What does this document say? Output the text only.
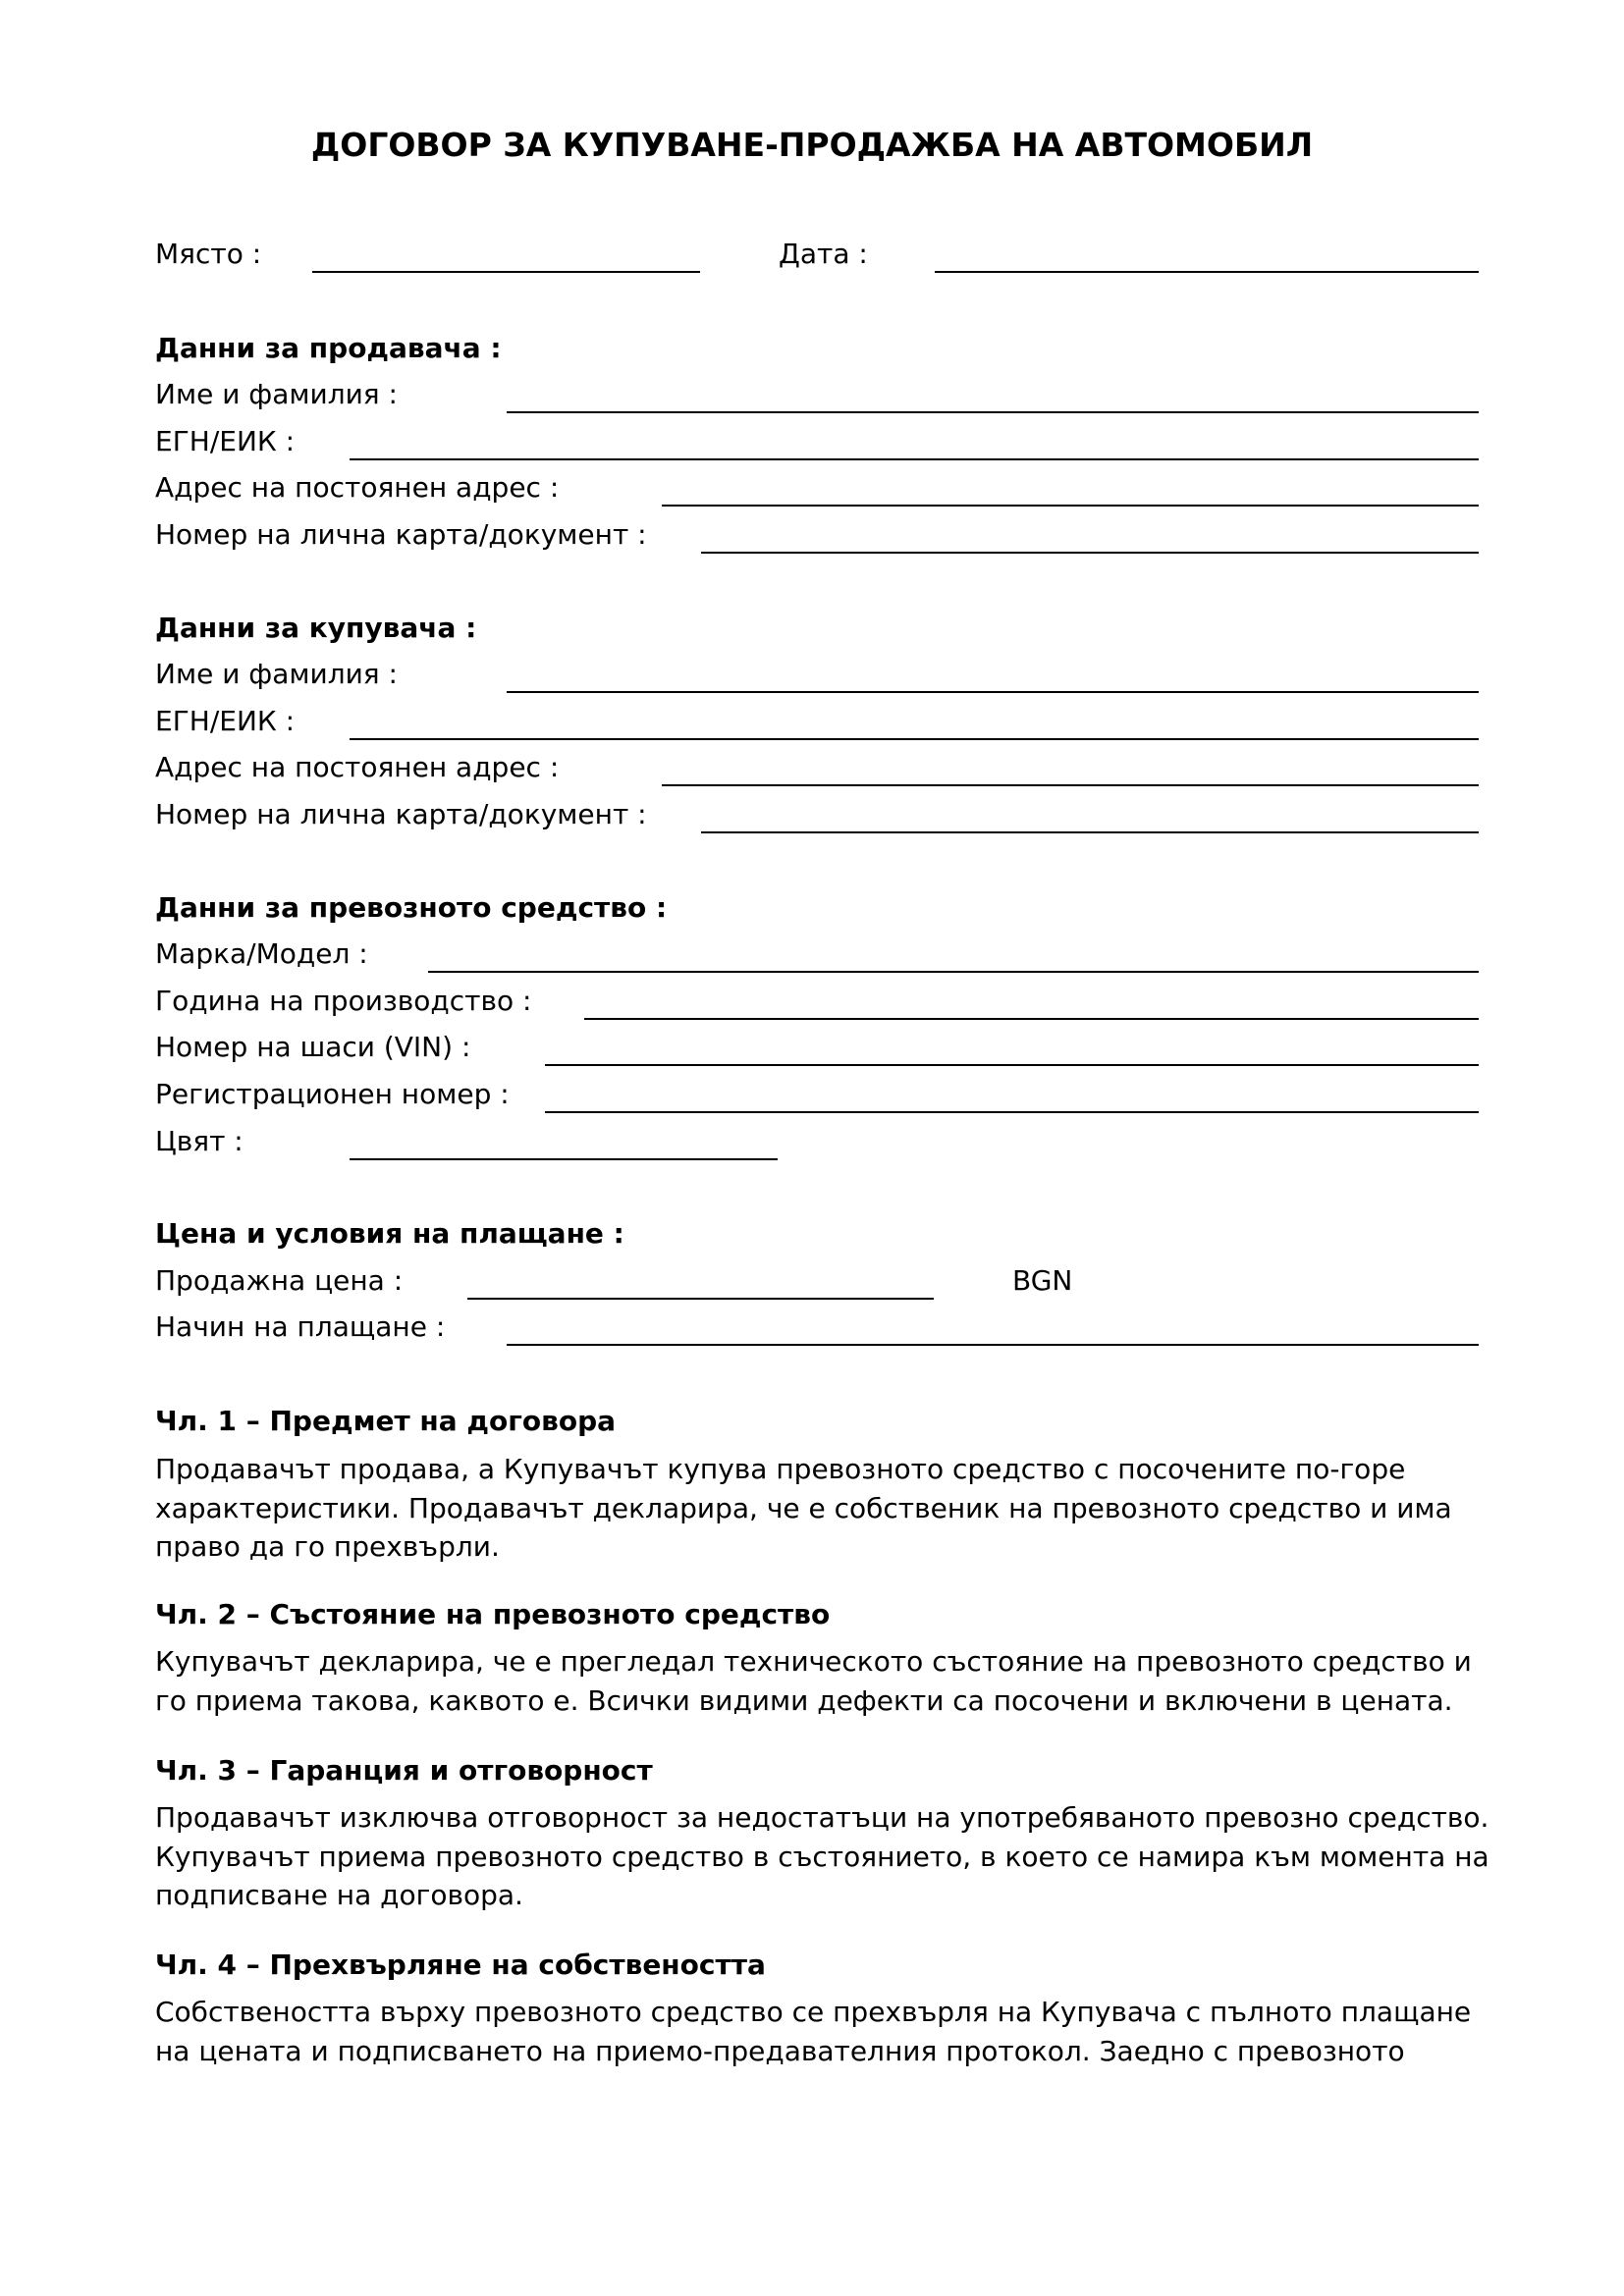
ДОГОВОР ЗА КУПУВАНЕ-ПРОДАЖБА НА АВТОМОБИЛ
Място :	Дата :
Данни за продавача :
Име и фамилия :
ЕГН/ЕИК :
Адрес на постоянен адрес :
Номер на лична карта/документ :
Данни за купувача :
Име и фамилия :
ЕГН/ЕИК :
Адрес на постоянен адрес :
Номер на лична карта/документ :
Данни за превозното средство :
Марка/Модел :
Година на производство :
Номер на шаси (VIN) :
Регистрационен номер :
Цвят :
Цена и условия на плащане :
Продажна цена :	BGN
Начин на плащане :
Чл. 1 – Предмет на договора

Продавачът продава, а Купувачът купува превозното средство с посочените по-горе характеристики. Продавачът декларира, че е собственик на превозното средство и има право да го прехвърли.

Чл. 2 – Състояние на превозното средство

Купувачът декларира, че е прегледал техническото състояние на превозното средство и го приема такова, каквото е. Всички видими дефекти са посочени и включени в цената.

Чл. 3 – Гаранция и отговорност

Продавачът изключва отговорност за недостатъци на употребяваното превозно средство. Купувачът приема превозното средство в състоянието, в което се намира към момента на подписване на договора.

Чл. 4 – Прехвърляне на собствеността

Собствеността върху превозното средство се прехвърля на Купувача с пълното плащане на цената и подписването на приемо-предавателния протокол. Заедно с превозното
